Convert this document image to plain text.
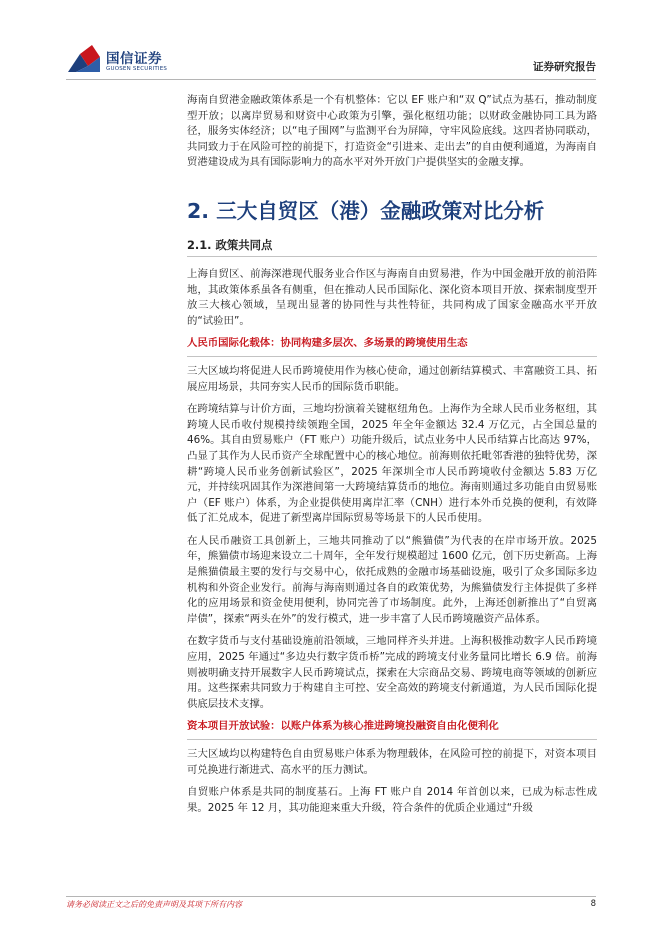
国信证券
GUOSEN SECURITIES	证券研究报告

海南自贸港金融政策体系是一个有机整体：它以 EF 账户和“双 Q”试点为基石，推动制度型开放；以离岸贸易和财资中心政策为引擎，强化枢纽功能；以财政金融协同工具为路径，服务实体经济；以“电子围网”与监测平台为屏障，守牢风险底线。这四者协同联动，共同致力于在风险可控的前提下，打造资金“引进来、走出去”的自由便利通道，为海南自贸港建设成为具有国际影响力的高水平对外开放门户提供坚实的金融支撑。

2. 三大自贸区（港）金融政策对比分析
2.1. 政策共同点

上海自贸区、前海深港现代服务业合作区与海南自由贸易港，作为中国金融开放的前沿阵地，其政策体系虽各有侧重，但在推动人民币国际化、深化资本项目开放、探索制度型开放三大核心领域，呈现出显著的协同性与共性特征，共同构成了国家金融高水平开放的“试验田”。

人民币国际化载体：协同构建多层次、多场景的跨境使用生态

三大区域均将促进人民币跨境使用作为核心使命，通过创新结算模式、丰富融资工具、拓展应用场景，共同夯实人民币的国际货币职能。

在跨境结算与计价方面，三地均扮演着关键枢纽角色。上海作为全球人民币业务枢纽，其跨境人民币收付规模持续领跑全国，2025 年全年金额达 32.4 万亿元，占全国总量的 46%。其自由贸易账户（FT 账户）功能升级后，试点业务中人民币结算占比高达 97%，凸显了其作为人民币资产全球配置中心的核心地位。前海则依托毗邻香港的独特优势，深耕“跨境人民币业务创新试验区”，2025 年深圳全市人民币跨境收付金额达 5.83 万亿元，并持续巩固其作为深港间第一大跨境结算货币的地位。海南则通过多功能自由贸易账户（EF 账户）体系，为企业提供使用离岸汇率（CNH）进行本外币兑换的便利，有效降低了汇兑成本，促进了新型离岸国际贸易等场景下的人民币使用。

在人民币融资工具创新上，三地共同推动了以“熊猫债”为代表的在岸市场开放。2025 年，熊猫债市场迎来设立二十周年，全年发行规模超过 1600 亿元，创下历史新高。上海是熊猫债最主要的发行与交易中心，依托成熟的金融市场基础设施，吸引了众多国际多边机构和外资企业发行。前海与海南则通过各自的政策优势，为熊猫债发行主体提供了多样化的应用场景和资金使用便利，协同完善了市场制度。此外，上海还创新推出了“自贸离岸债”，探索“两头在外”的发行模式，进一步丰富了人民币跨境融资产品体系。

在数字货币与支付基础设施前沿领域，三地同样齐头并进。上海积极推动数字人民币跨境应用，2025 年通过“多边央行数字货币桥”完成的跨境支付业务量同比增长 6.9 倍。前海则被明确支持开展数字人民币跨境试点，探索在大宗商品交易、跨境电商等领域的创新应用。这些探索共同致力于构建自主可控、安全高效的跨境支付新通道，为人民币国际化提供底层技术支撑。

资本项目开放试验：以账户体系为核心推进跨境投融资自由化便利化

三大区域均以构建特色自由贸易账户体系为物理载体，在风险可控的前提下，对资本项目可兑换进行渐进式、高水平的压力测试。

自贸账户体系是共同的制度基石。上海 FT 账户自 2014 年首创以来，已成为标志性成果。2025 年 12 月，其功能迎来重大升级，符合条件的优质企业通过“升级

请务必阅读正文之后的免责声明及其项下所有内容	8
